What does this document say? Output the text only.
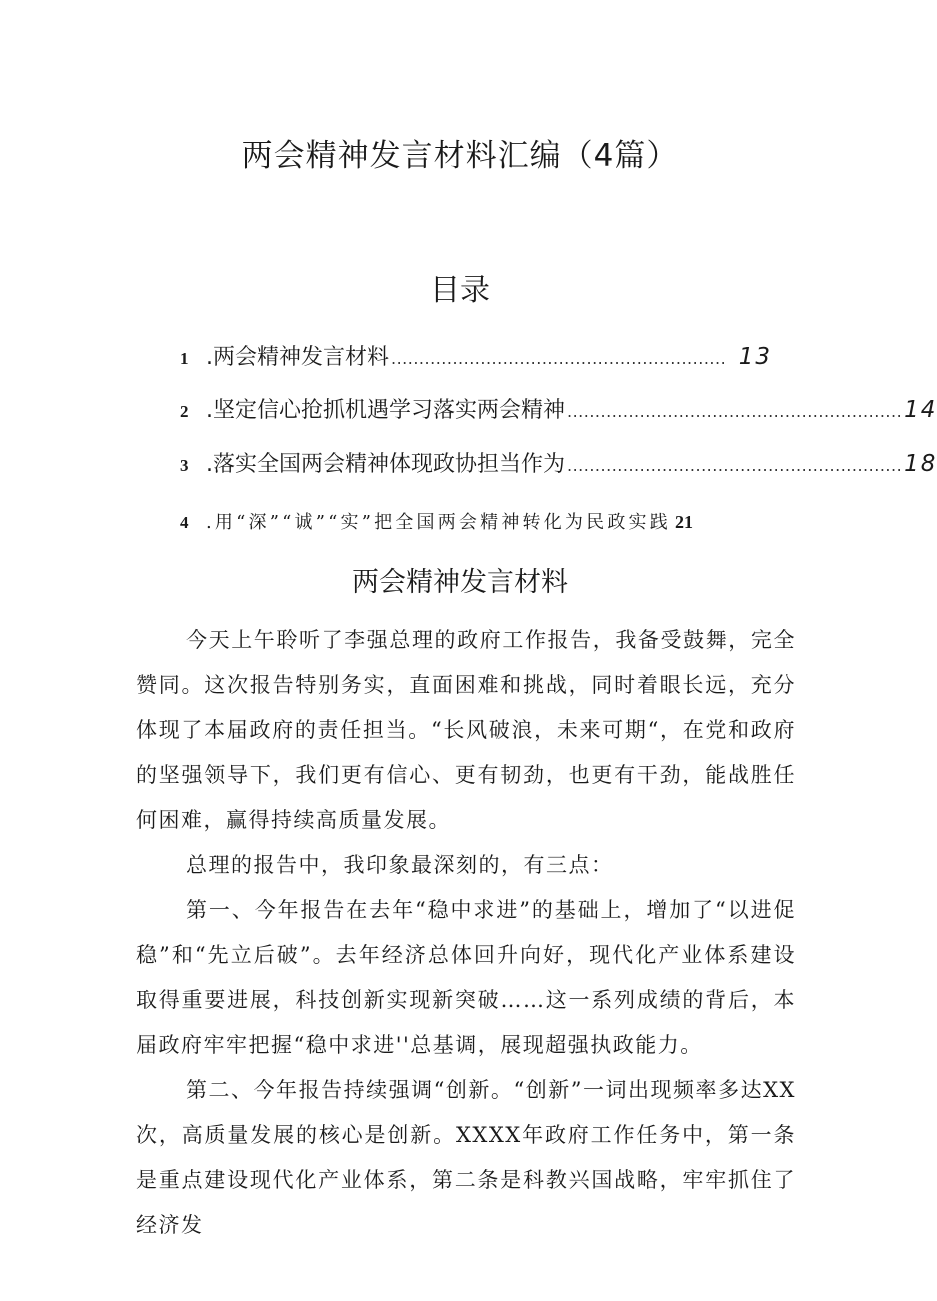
两会精神发言材料汇编（4篇）
目录
1 .两会精神发言材料 ............................................................ 13
2 .坚定信心抢抓机遇学习落实两会精神 ............................................................ 14
3 .落实全国两会精神体现政协担当作为 ............................................................ 18
4 .用“深”“诚”“实”把全国两会精神转化为民政实践 21
两会精神发言材料

今天上午聆听了李强总理的政府工作报告，我备受鼓舞，完全赞同。这次报告特别务实，直面困难和挑战，同时着眼长远，充分体现了本届政府的责任担当。“长风破浪，未来可期“，在党和政府的坚强领导下，我们更有信心、更有韧劲，也更有干劲，能战胜任何困难，赢得持续高质量发展。

总理的报告中，我印象最深刻的，有三点：

第一、今年报告在去年“稳中求进”的基础上，增加了“以进促稳”和“先立后破”。去年经济总体回升向好，现代化产业体系建设取得重要进展，科技创新实现新突破……这一系列成绩的背后，本届政府牢牢把握“稳中求进''总基调，展现超强执政能力。

第二、今年报告持续强调“创新。“创新”一词出现频率多达XX次，高质量发展的核心是创新。XXXX年政府工作任务中，第一条是重点建设现代化产业体系，第二条是科教兴国战略，牢牢抓住了经济发
